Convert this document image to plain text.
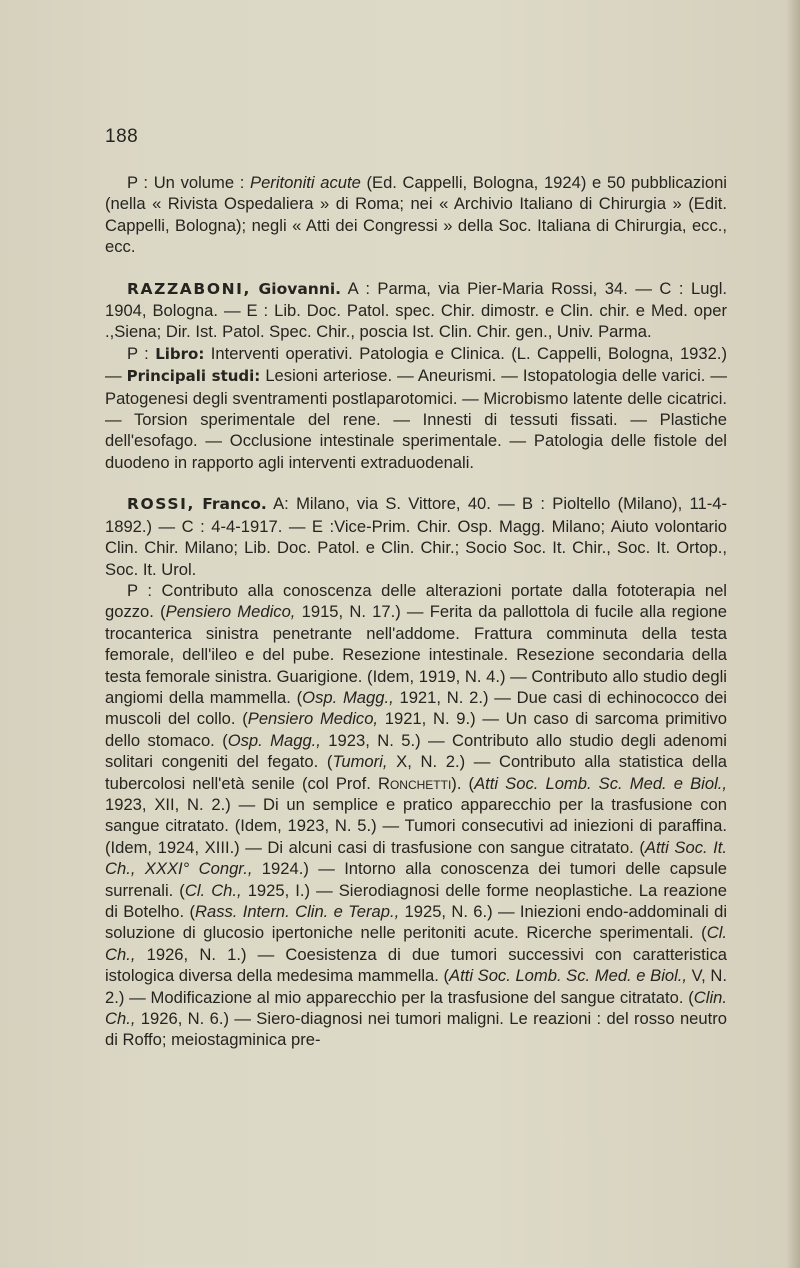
188

P : Un volume : Peritoniti acute (Ed. Cappelli, Bologna, 1924) e 50 pubblicazioni (nella « Rivista Ospedaliera » di Roma; nei « Archivio Italiano di Chirurgia » (Edit. Cappelli, Bologna); negli « Atti dei Congressi » della Soc. Italiana di Chirurgia, ecc., ecc.

RAZZABONI, Giovanni. A : Parma, via Pier-Maria Rossi, 34. — C : Lugl. 1904, Bologna. — E : Lib. Doc. Patol. spec. Chir. dimostr. e Clin. chir. e Med. oper .,Siena; Dir. Ist. Patol. Spec. Chir., poscia Ist. Clin. Chir. gen., Univ. Parma.

P : Libro: Interventi operativi. Patologia e Clinica. (L. Cappelli, Bologna, 1932.) — Principali studi: Lesioni arteriose. — Aneurismi. — Istopatologia delle varici. — Patogenesi degli sventramenti postlaparotomici. — Microbismo latente delle cicatrici. — Torsion sperimentale del rene. — Innesti di tessuti fissati. — Plastiche dell'esofago. — Occlusione intestinale sperimentale. — Patologia delle fistole del duodeno in rapporto agli interventi extraduodenali.

ROSSI, Franco. A: Milano, via S. Vittore, 40. — B : Pioltello (Milano), 11-4-1892.) — C : 4-4-1917. — E :Vice-Prim. Chir. Osp. Magg. Milano; Aiuto volontario Clin. Chir. Milano; Lib. Doc. Patol. e Clin. Chir.; Socio Soc. It. Chir., Soc. It. Ortop., Soc. It. Urol.

P : Contributo alla conoscenza delle alterazioni portate dalla fototerapia nel gozzo. (Pensiero Medico, 1915, N. 17.) — Ferita da pallottola di fucile alla regione trocanterica sinistra penetrante nell'addome. Frattura comminuta della testa femorale, dell'ileo e del pube. Resezione intestinale. Resezione secondaria della testa femorale sinistra. Guarigione. (Idem, 1919, N. 4.) — Contributo allo studio degli angiomi della mammella. (Osp. Magg., 1921, N. 2.) — Due casi di echinococco dei muscoli del collo. (Pensiero Medico, 1921, N. 9.) — Un caso di sarcoma primitivo dello stomaco. (Osp. Magg., 1923, N. 5.) — Contributo allo studio degli adenomi solitari congeniti del fegato. (Tumori, X, N. 2.) — Contributo alla statistica della tubercolosi nell'età senile (col Prof. Ronchetti). (Atti Soc. Lomb. Sc. Med. e Biol., 1923, XII, N. 2.) — Di un semplice e pratico apparecchio per la trasfusione con sangue citratato. (Idem, 1923, N. 5.) — Tumori consecutivi ad iniezioni di paraffina. (Idem, 1924, XIII.) — Di alcuni casi di trasfusione con sangue citratato. (Atti Soc. It. Ch., XXXI° Congr., 1924.) — Intorno alla conoscenza dei tumori delle capsule surrenali. (Cl. Ch., 1925, I.) — Sierodiagnosi delle forme neoplastiche. La reazione di Botelho. (Rass. Intern. Clin. e Terap., 1925, N. 6.) — Iniezioni endo-addominali di soluzione di glucosio ipertoniche nelle peritoniti acute. Ricerche sperimentali. (Cl. Ch., 1926, N. 1.) — Coesistenza di due tumori successivi con caratteristica istologica diversa della medesima mammella. (Atti Soc. Lomb. Sc. Med. e Biol., V, N. 2.) — Modificazione al mio apparecchio per la trasfusione del sangue citratato. (Clin. Ch., 1926, N. 6.) — Siero-diagnosi nei tumori maligni. Le reazioni : del rosso neutro di Roffo; meiostagminica pre-
